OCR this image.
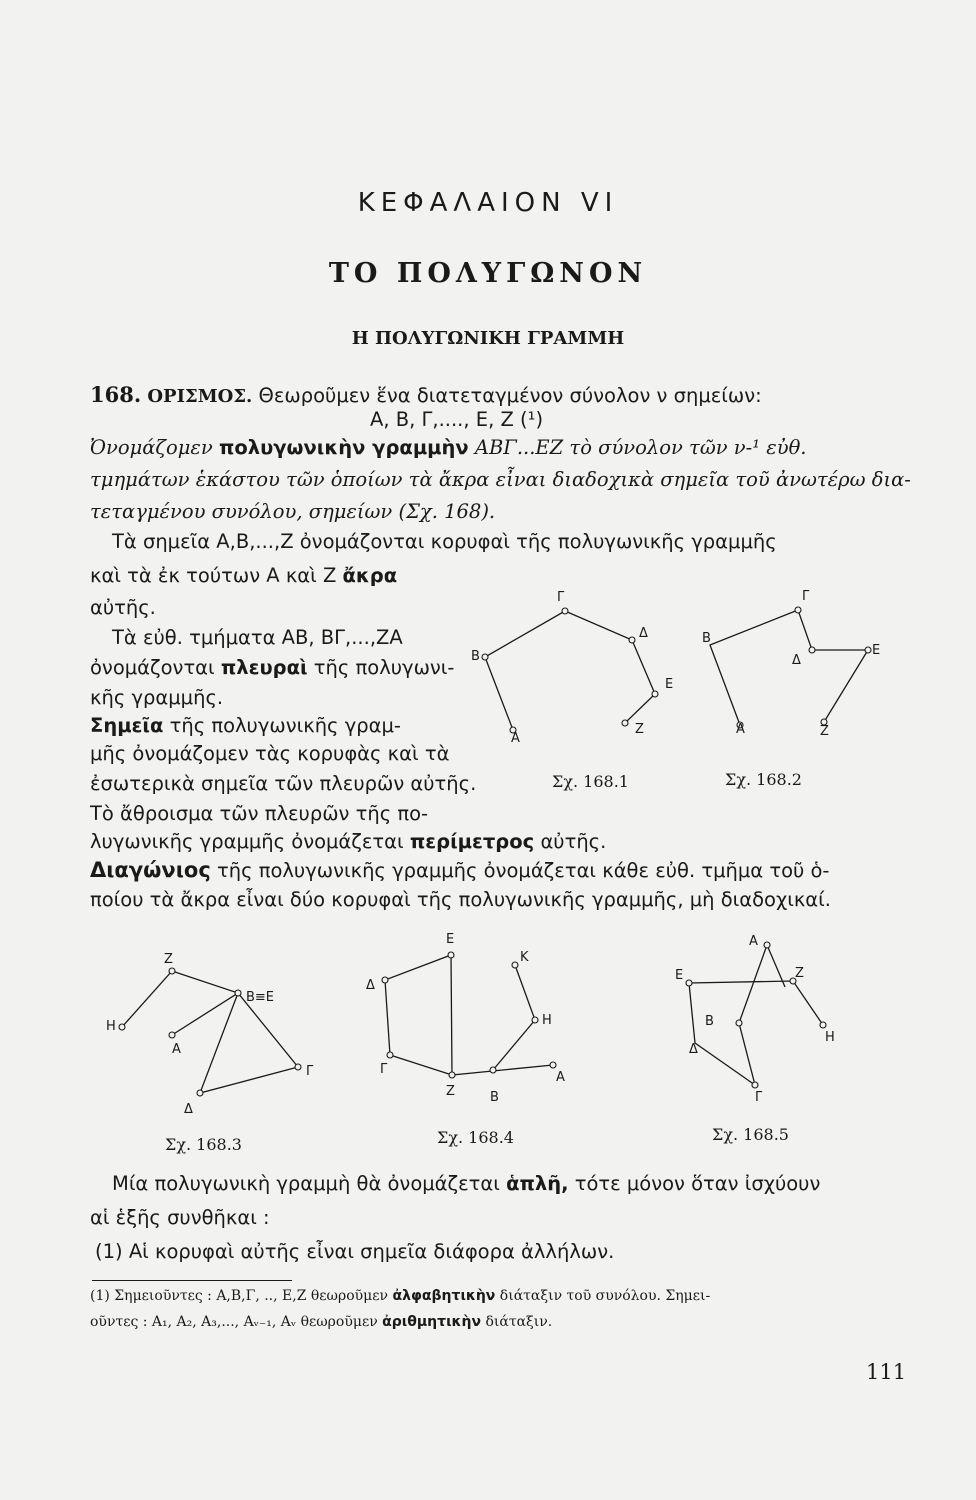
ΚΕΦΑΛΑΙΟΝ VI
ΤΟ ΠΟΛΥΓΩΝΟΝ
Η ΠΟΛΥΓΩΝΙΚΗ ΓΡΑΜΜΗ
168. ΟΡΙΣΜΟΣ. Θεωροῦμεν ἕνα διατεταγμένον σύνολον ν σημείων:
Α, Β, Γ,...., Ε, Ζ (¹)
Ὀνομάζομεν πολυγωνικὴν γραμμὴν ΑΒΓ...ΕΖ τὸ σύνολον τῶν ν-¹ εὐθ.
τμημάτων ἑκάστου τῶν ὁποίων τὰ ἄκρα εἶναι διαδοχικὰ σημεῖα τοῦ ἀνωτέρω δια-
τεταγμένου συνόλου, σημείων (Σχ. 168).
Τὰ σημεῖα Α,Β,...,Ζ ὀνομάζονται κορυφαὶ τῆς πολυγωνικῆς γραμμῆς
καὶ τὰ ἐκ τούτων Α καὶ Ζ ἄκρα
αὐτῆς.
Τὰ εὐθ. τμήματα ΑΒ, ΒΓ,...,ΖΑ
ὀνομάζονται πλευραὶ τῆς πολυγωνι-
κῆς γραμμῆς.
Σημεῖα τῆς πολυγωνικῆς γραμ-
μῆς ὀνομάζομεν τὰς κορυφὰς καὶ τὰ
ἐσωτερικὰ σημεῖα τῶν πλευρῶν αὐτῆς.
Τὸ ἄθροισμα τῶν πλευρῶν τῆς πο-
λυγωνικῆς γραμμῆς ὀνομάζεται περίμετρος αὐτῆς.
Διαγώνιος τῆς πολυγωνικῆς γραμμῆς ὀνομάζεται κάθε εὐθ. τμῆμα τοῦ ὁ-
ποίου τὰ ἄκρα εἶναι δύο κορυφαὶ τῆς πολυγωνικῆς γραμμῆς, μὴ διαδοχικαί.
Γ
Δ
Β
Ε
Α
Ζ
Γ
Β
Δ
Ε
Α	Ζ
Σχ. 168.1	Σχ. 168.2
Ζ
Β≡Ε
Η
Α
Γ
Δ
Ε
Κ
Δ
Η
Γ
Α
Ζ	Β
Α
Ε	Ζ
Β
Η
Δ
Γ
Σχ. 168.3	Σχ. 168.4	Σχ. 168.5
Μία πολυγωνικὴ γραμμὴ θὰ ὀνομάζεται ἁπλῆ, τότε μόνον ὅταν ἰσχύουν
αἱ ἑξῆς συνθῆκαι :
(1) Αἱ κορυφαὶ αὐτῆς εἶναι σημεῖα διάφορα ἀλλήλων.
(1) Σημειοῦντες : Α,Β,Γ, .., Ε,Ζ θεωροῦμεν ἀλφαβητικὴν διάταξιν τοῦ συνόλου. Σημει-
οῦντες : Α₁, Α₂, Α₃,..., Αᵥ₋₁, Αᵥ θεωροῦμεν ἀριθμητικὴν διάταξιν.
111
